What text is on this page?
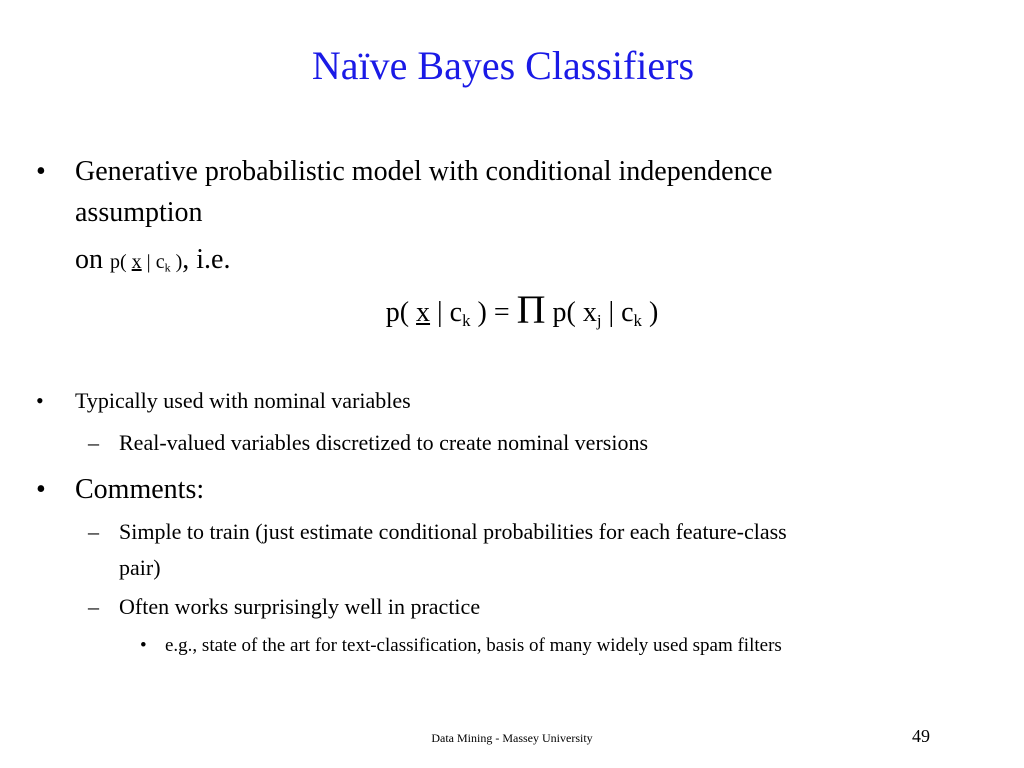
Naïve Bayes Classifiers
• Generative probabilistic model with conditional independence
assumption
on p( x | $c_k$ ), i.e.
p( x | $c_k$ ) = Π p( $x_j$ | $c_k$ )
• Typically used with nominal variables
– Real-valued variables discretized to create nominal versions
• Comments:
– Simple to train (just estimate conditional probabilities for each feature-class
pair)
– Often works surprisingly well in practice
• e.g., state of the art for text-classification, basis of many widely used spam filters
Data Mining - Massey University	49
